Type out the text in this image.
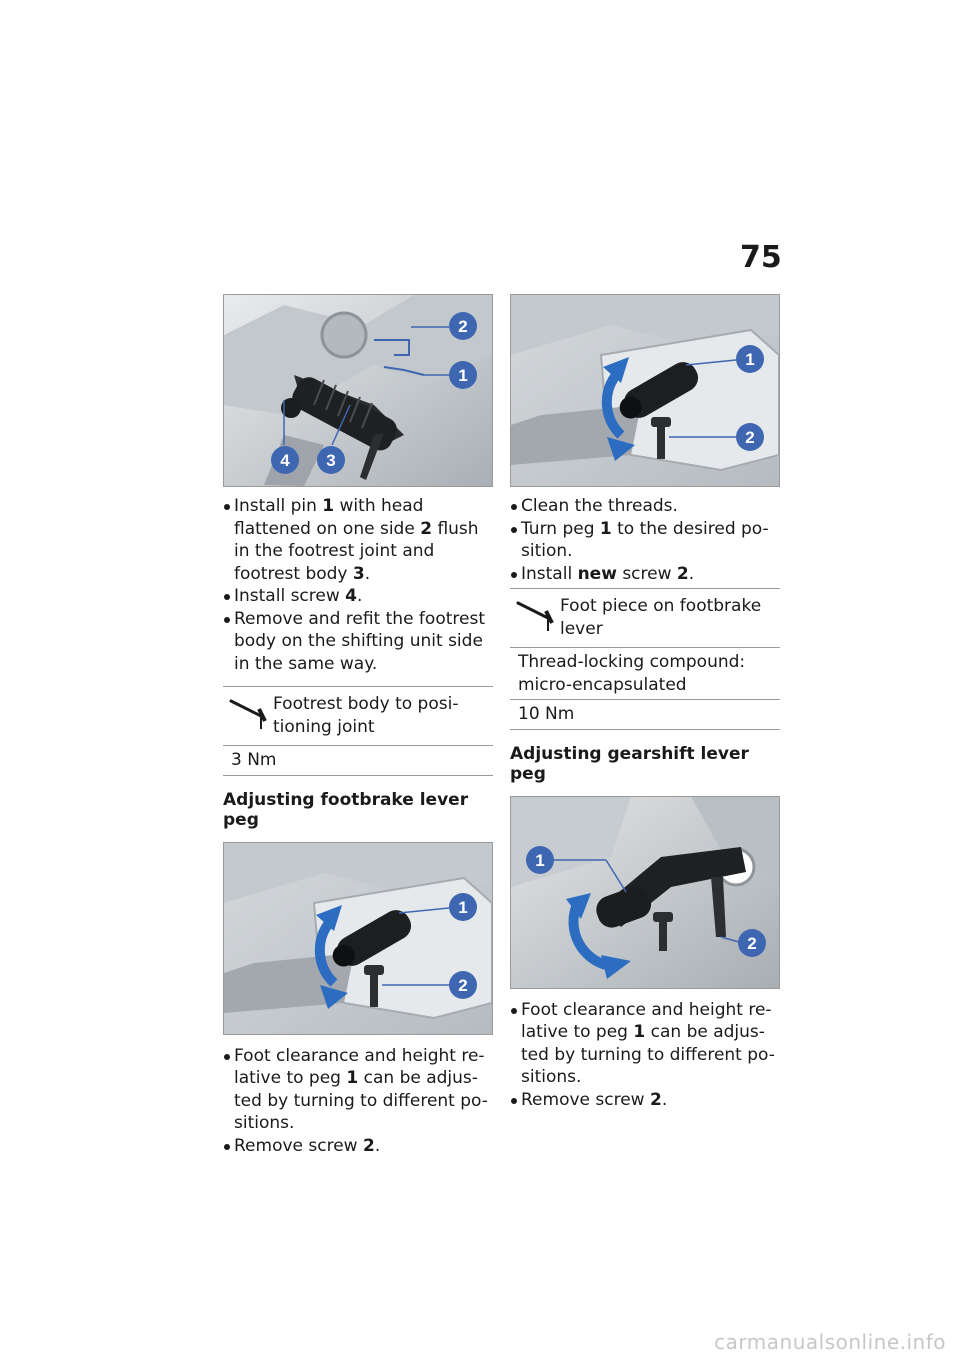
75
2
1
4 3
Install pin 1 with head flattened on one side 2 flush in the footrest joint and footrest body 3.
Install screw 4.
Remove and refit the footrest body on the shifting unit side in the same way.
Footrest body to posi-tioning joint
3 Nm
Adjusting footbrake lever peg
1
2
Foot clearance and height re-lative to peg 1 can be adjus-ted by turning to different po-sitions.
Remove screw 2.
1
2
Clean the threads.
Turn peg 1 to the desired po-sition.
Install new screw 2.
Foot piece on footbrake lever
Thread-locking compound: micro-encapsulated
10 Nm
Adjusting gearshift lever peg
1
2
Foot clearance and height re-lative to peg 1 can be adjus-ted by turning to different po-sitions.
Remove screw 2.
carmanualsonline.info
